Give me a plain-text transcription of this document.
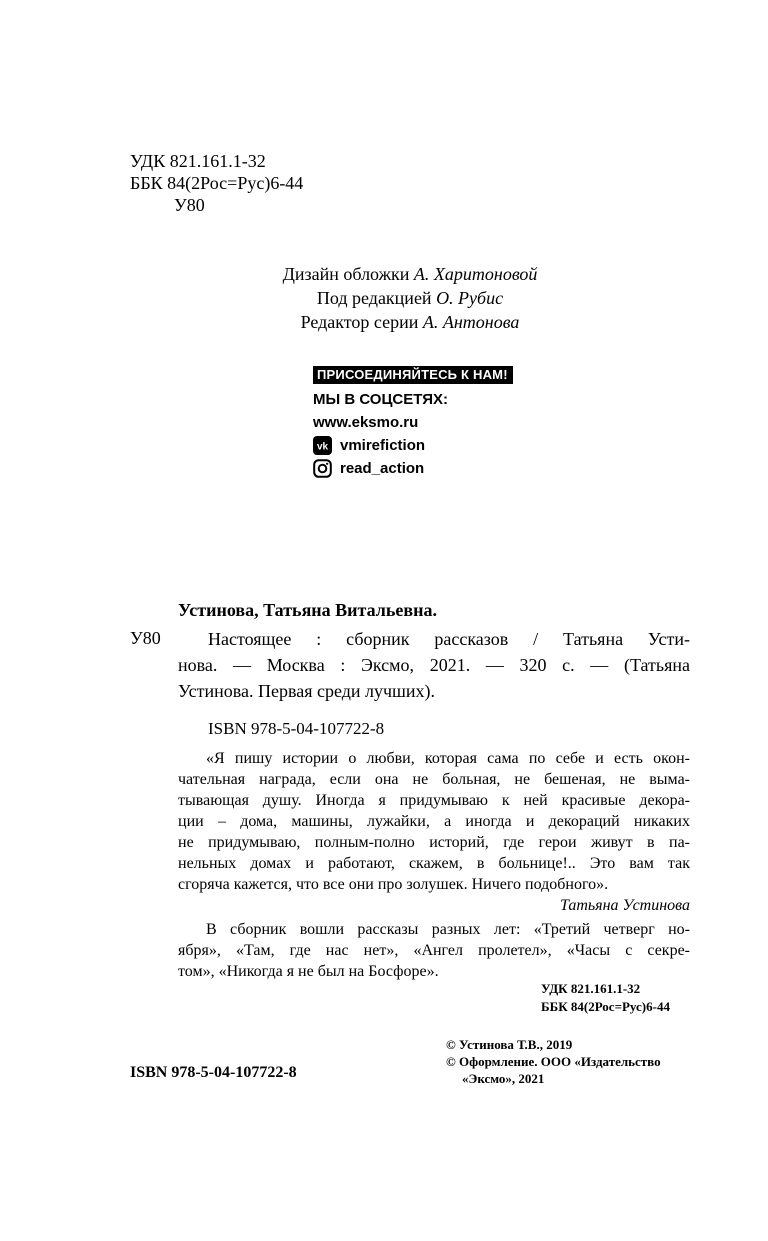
УДК 821.161.1-32
ББК 84(2Рос=Рус)6-44
У80
Дизайн обложки А. Харитоновой
Под редакцией О. Рубис
Редактор серии А. Антонова
ПРИСОЕДИНЯЙТЕСЬ К НАМ!
МЫ В СОЦСЕТЯХ:
www.eksmo.ru
vk vmirefiction
read_action
Устинова, Татьяна Витальевна.
У80	Настоящее : сборник рассказов / Татьяна Усти-
нова. — Москва : Эксмо, 2021. — 320 с. — (Татьяна
Устинова. Первая среди лучших).
ISBN 978-5-04-107722-8
«Я пишу истории о любви, которая сама по себе и есть окон-
чательная награда, если она не больная, не бешеная, не выма-
тывающая душу. Иногда я придумываю к ней красивые декора-
ции – дома, машины, лужайки, а иногда и декораций никаких
не придумываю, полным-полно историй, где герои живут в па-
нельных домах и работают, скажем, в больнице!.. Это вам так
сгоряча кажется, что все они про золушек. Ничего подобного».
Татьяна Устинова
В сборник вошли рассказы разных лет: «Третий четверг но-
ября», «Там, где нас нет», «Ангел пролетел», «Часы с секре-
том», «Никогда я не был на Босфоре».
УДК 821.161.1-32
ББК 84(2Рос=Рус)6-44
© Устинова Т.В., 2019
© Оформление. ООО «Издательство
«Эксмо», 2021
ISBN 978-5-04-107722-8
